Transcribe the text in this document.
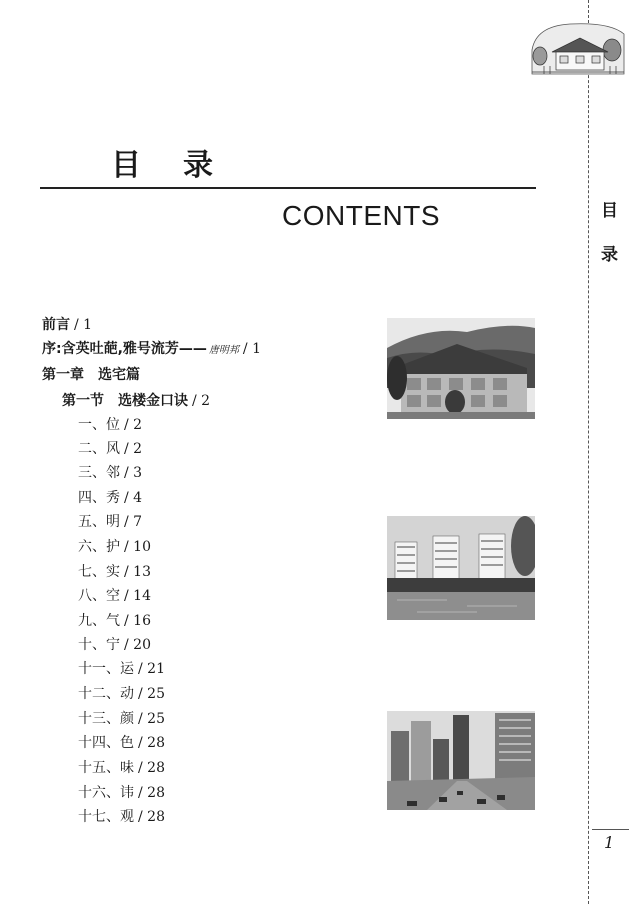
目
录
1
目录
CONTENTS
前言 / 1
序:含英吐葩,雅号流芳—— 唐明邦 / 1
第一章　选宅篇
第一节　选楼金口诀 / 2
一、位 / 2
二、风 / 2
三、邻 / 3
四、秀 / 4
五、明 / 7
六、护 / 10
七、实 / 13
八、空 / 14
九、气 / 16
十、宁 / 20
十一、运 / 21
十二、动 / 25
十三、颜 / 25
十四、色 / 28
十五、味 / 28
十六、讳 / 28
十七、观 / 28
